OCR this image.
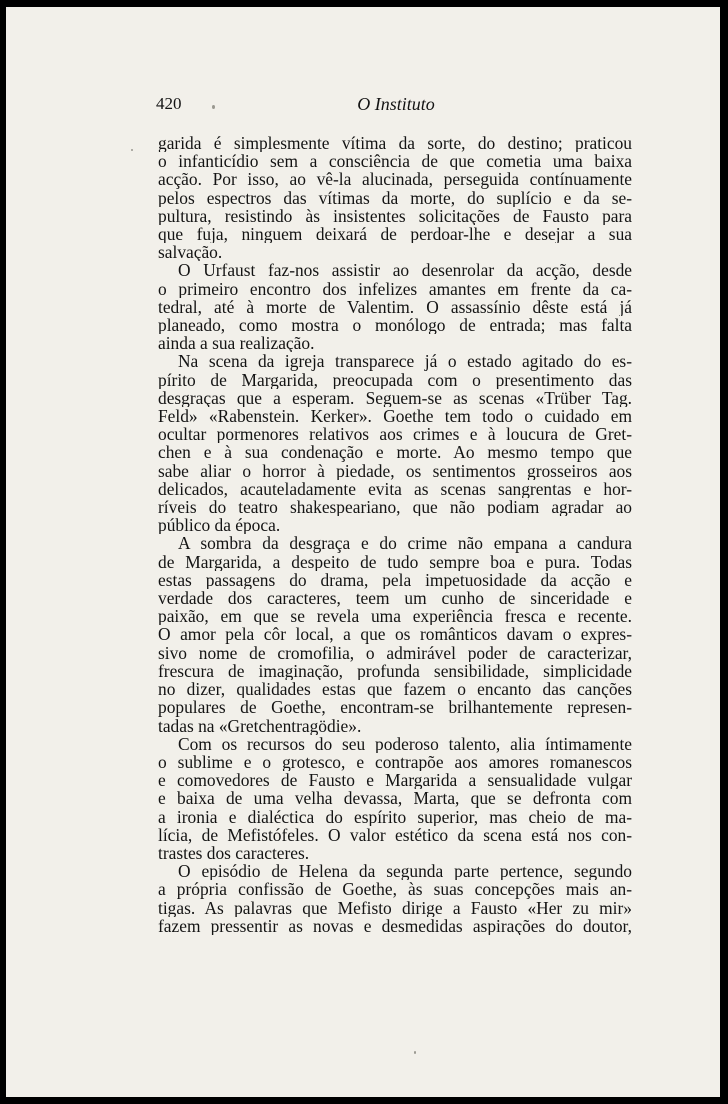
420	O Instituto
garida é simplesmente vítima da sorte, do destino; praticou
o infanticídio sem a consciência de que cometia uma baixa
acção. Por isso, ao vê-la alucinada, perseguida contínuamente
pelos espectros das vítimas da morte, do suplício e da se-
pultura, resistindo às insistentes solicitações de Fausto para
que fuja, ninguem deixará de perdoar-lhe e desejar a sua
salvação.
O Urfaust faz-nos assistir ao desenrolar da acção, desde
o primeiro encontro dos infelizes amantes em frente da ca-
tedral, até à morte de Valentim. O assassínio dêste está já
planeado, como mostra o monólogo de entrada; mas falta
ainda a sua realização.
Na scena da igreja transparece já o estado agitado do es-
pírito de Margarida, preocupada com o presentimento das
desgraças que a esperam. Seguem-se as scenas «Trüber Tag.
Feld» «Rabenstein. Kerker». Goethe tem todo o cuidado em
ocultar pormenores relativos aos crimes e à loucura de Gret-
chen e à sua condenação e morte. Ao mesmo tempo que
sabe aliar o horror à piedade, os sentimentos grosseiros aos
delicados, acauteladamente evita as scenas sangrentas e hor-
ríveis do teatro shakespeariano, que não podiam agradar ao
público da época.
A sombra da desgraça e do crime não empana a candura
de Margarida, a despeito de tudo sempre boa e pura. Todas
estas passagens do drama, pela impetuosidade da acção e
verdade dos caracteres, teem um cunho de sinceridade e
paixão, em que se revela uma experiência fresca e recente.
O amor pela côr local, a que os românticos davam o expres-
sivo nome de cromofilia, o admirável poder de caracterizar,
frescura de imaginação, profunda sensibilidade, simplicidade
no dizer, qualidades estas que fazem o encanto das canções
populares de Goethe, encontram-se brilhantemente represen-
tadas na «Gretchentragödie».
Com os recursos do seu poderoso talento, alia íntimamente
o sublime e o grotesco, e contrapõe aos amores romanescos
e comovedores de Fausto e Margarida a sensualidade vulgar
e baixa de uma velha devassa, Marta, que se defronta com
a ironia e dialéctica do espírito superior, mas cheio de ma-
lícia, de Mefistófeles. O valor estético da scena está nos con-
trastes dos caracteres.
O episódio de Helena da segunda parte pertence, segundo
a própria confissão de Goethe, às suas concepções mais an-
tigas. As palavras que Mefisto dirige a Fausto «Her zu mir»
fazem pressentir as novas e desmedidas aspirações do doutor,
